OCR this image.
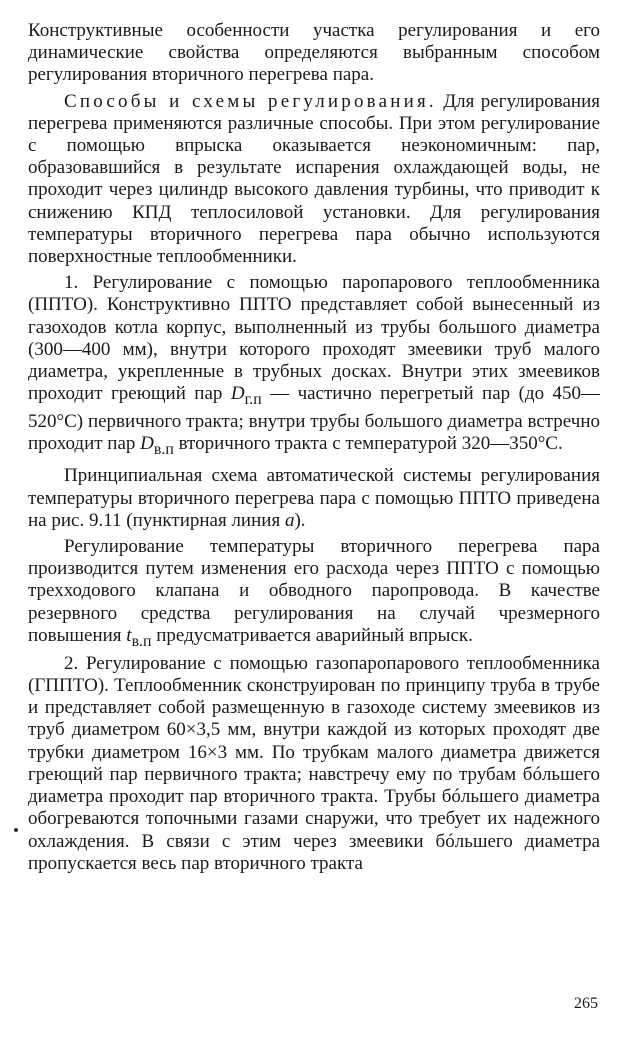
Конструктивные особенности участка регулирования и его динамические свойства определяются выбранным способом регулирования вторичного перегрева пара.

Способы и схемы регулирования. Для регулирования перегрева применяются различные способы. При этом регулирование с помощью впрыска оказывается неэкономичным: пар, образовавшийся в результате испарения охлаждающей воды, не проходит через цилиндр высокого давления турбины, что приводит к снижению КПД теплосиловой установки. Для регулирования температуры вторичного перегрева пара обычно используются поверхностные теплообменники.

1. Регулирование с помощью паропарового теплообменника (ППТО). Конструктивно ППТО представляет собой вынесенный из газоходов котла корпус, выполненный из трубы большого диаметра (300—400 мм), внутри которого проходят змеевики труб малого диаметра, укрепленные в трубных досках. Внутри этих змеевиков проходит греющий пар $D_{г.п}$ — частично перегретый пар (до 450—520°С) первичного тракта; внутри трубы большого диаметра встречно проходит пар $D_{в.п}$ вторичного тракта с температурой 320—350°С.

Принципиальная схема автоматической системы регулирования температуры вторичного перегрева пара с помощью ППТО приведена на рис. 9.11 (пунктирная линия а).

Регулирование температуры вторичного перегрева пара производится путем изменения его расхода через ППТО с помощью трехходового клапана и обводного паропровода. В качестве резервного средства регулирования на случай чрезмерного повышения $t_{в.п}$ предусматривается аварийный впрыск.

2. Регулирование с помощью газопаропарового теплообменника (ГППТО). Теплообменник сконструирован по принципу труба в трубе и представляет собой размещенную в газоходе систему змеевиков из труб диаметром 60×3,5 мм, внутри каждой из которых проходят две трубки диаметром 16×3 мм. По трубкам малого диаметра движется греющий пар первичного тракта; навстречу ему по трубам бóльшего диаметра проходит пар вторичного тракта. Трубы бóльшего диаметра обогреваются топочными газами снаружи, что требует их надежного охлаждения. В связи с этим через змеевики бóльшего диаметра пропускается весь пар вторичного тракта

265
